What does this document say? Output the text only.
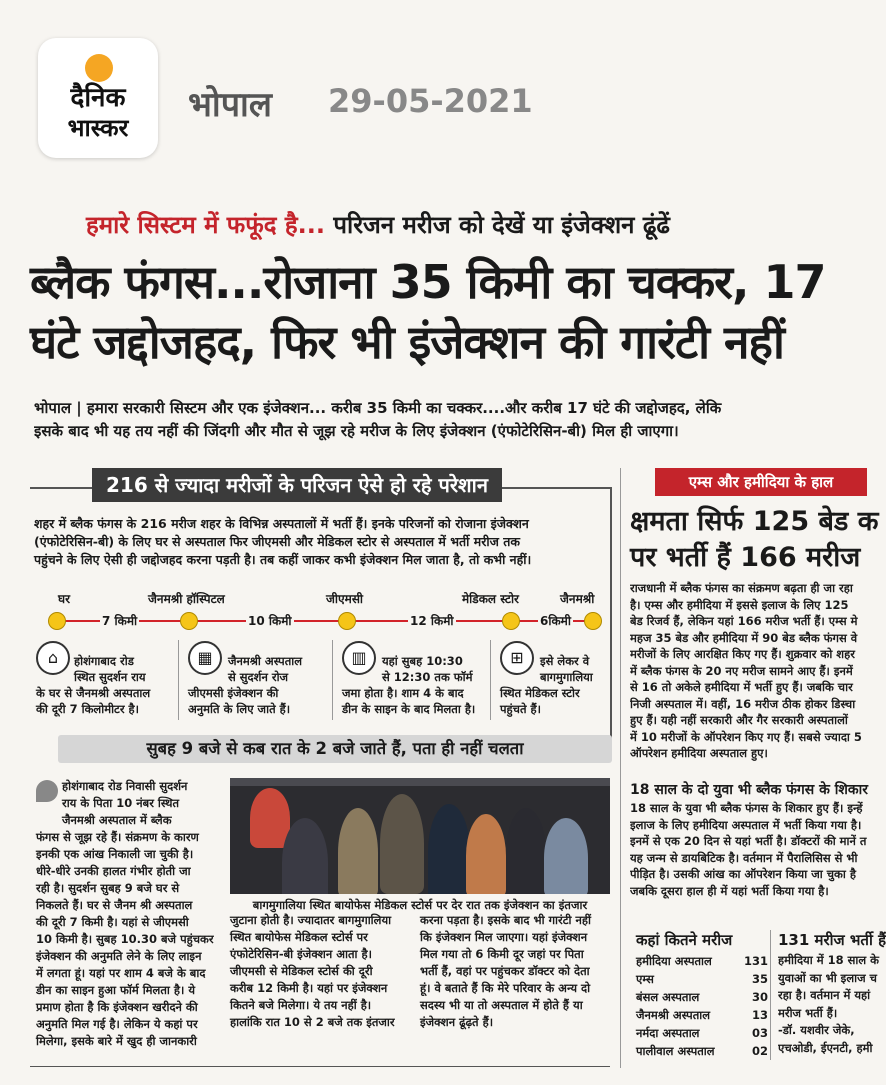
दैनिक
भास्कर
भोपाल 29-05-2021
हमारे सिस्टम में फफूंद है... परिजन मरीज को देखें या इंजेक्शन ढूंढें
ब्लैक फंगस...रोजाना 35 किमी का चक्कर, 17
घंटे जद्दोजहद, फिर भी इंजेक्शन की गारंटी नहीं
भोपाल | हमारा सरकारी सिस्टम और एक इंजेक्शन... करीब 35 किमी का चक्कर....और करीब 17 घंटे की जद्दोजहद, लेकि
इसके बाद भी यह तय नहीं की जिंदगी और मौत से जूझ रहे मरीज के लिए इंजेक्शन (एंफोटेरिसिन-बी) मिल ही जाएगा।
216 से ज्यादा मरीजों के परिजन ऐसे हो रहे परेशान
शहर में ब्लैक फंगस के 216 मरीज शहर के विभिन्न अस्पतालों में भर्ती हैं। इनके परिजनों को रोजाना इंजेक्शन
(एंफोटेरिसिन-बी) के लिए घर से अस्पताल फिर जीएमसी और मेडिकल स्टोर से अस्पताल में भर्ती मरीज तक
पहुंचने के लिए ऐसी ही जद्दोजहद करना पड़ती है। तब कहीं जाकर कभी इंजेक्शन मिल जाता है, तो कभी नहीं।
घर	जैनमश्री हॉस्पिटल	जीएमसी	मेडिकल स्टोर	जैनमश्री
7 किमी	10 किमी	12 किमी	6किमी
⌂	होशंगाबाद रोड
स्थित सुदर्शन राय
के घर से जैनमश्री अस्पताल
की दूरी 7 किलोमीटर है।
▦	जैनमश्री अस्पताल
से सुदर्शन रोज
जीएमसी इंजेक्शन की
अनुमति के लिए जाते हैं।
▥	यहां सुबह 10:30
से 12:30 तक फॉर्म
जमा होता है। शाम 4 के बाद
डीन के साइन के बाद मिलता है।
⊞	इसे लेकर वे
बागमुगालिया
स्थित मेडिकल स्टोर
पहुंचते हैं।
सुबह 9 बजे से कब रात के 2 बजे जाते हैं, पता ही नहीं चलता
होशंगाबाद रोड निवासी सुदर्शन
राय के पिता 10 नंबर स्थित
जैनमश्री अस्पताल में ब्लैक
फंगस से जूझ रहे हैं। संक्रमण के कारण
इनकी एक आंख निकाली जा चुकी है।
धीरे-धीरे उनकी हालत गंभीर होती जा
रही है। सुदर्शन सुबह 9 बजे घर से
निकलते हैं। घर से जैनम श्री अस्पताल
की दूरी 7 किमी है। यहां से जीएमसी
10 किमी है। सुबह 10.30 बजे पहुंचकर
इंजेक्शन की अनुमति लेने के लिए लाइन
में लगता हूं। यहां पर शाम 4 बजे के बाद
डीन का साइन हुआ फॉर्म मिलता है। ये
प्रमाण होता है कि इंजेक्शन खरीदने की
अनुमति मिल गई है। लेकिन ये कहां पर
मिलेगा, इसके बारे में खुद ही जानकारी
बागमुगालिया स्थित बायोफेस मेडिकल स्टोर्स पर देर रात तक इंजेक्शन का इंतजार
जुटाना होती है। ज्यादातर बागमुगालिया
स्थित बायोफेस मेडिकल स्टोर्स पर
एंफोटेरिसिन-बी इंजेक्शन आता है।
जीएमसी से मेडिकल स्टोर्स की दूरी
करीब 12 किमी है। यहां पर इंजेक्शन
कितने बजे मिलेगा। ये तय नहीं है।
हालांकि रात 10 से 2 बजे तक इंतजार
करना पड़ता है। इसके बाद भी गारंटी नहीं
कि इंजेक्शन मिल जाएगा। यहां इंजेक्शन
मिल गया तो 6 किमी दूर जहां पर पिता
भर्ती हैं, वहां पर पहुंचकर डॉक्टर को देता
हूं। वे बताते हैं कि मेरे परिवार के अन्य दो
सदस्य भी या तो अस्पताल में होते हैं या
इंजेक्शन ढूंढ़ते हैं।
एम्स और हमीदिया के हाल
क्षमता सिर्फ 125 बेड क
पर भर्ती हैं 166 मरीज
राजधानी में ब्लैक फंगस का संक्रमण बढ़ता ही जा रहा
है। एम्स और हमीदिया में इससे इलाज के लिए 125
बेड रिजर्व हैं, लेकिन यहां 166 मरीज भर्ती हैं। एम्स मे
महज 35 बेड और हमीदिया में 90 बेड ब्लैक फंगस वे
मरीजों के लिए आरक्षित किए गए हैं। शुक्रवार को शहर
में ब्लैक फंगस के 20 नए मरीज सामने आए हैं। इनमें
से 16 तो अकेले हमीदिया में भर्ती हुए हैं। जबकि चार
निजी अस्पताल में। वहीं, 16 मरीज ठीक होकर डिस्चा
हुए हैं। यही नहीं सरकारी और गैर सरकारी अस्पतालों
में 10 मरीजों के ऑपरेशन किए गए हैं। सबसे ज्यादा 5
ऑपरेशन हमीदिया अस्पताल हुए।
18 साल के दो युवा भी ब्लैक फंगस के शिकार
18 साल के युवा भी ब्लैक फंगस के शिकार हुए हैं। इन्हें
इलाज के लिए हमीदिया अस्पताल में भर्ती किया गया है।
इनमें से एक 20 दिन से यहां भर्ती है। डॉक्टरों की मानें त
यह जन्म से डायबिटिक है। वर्तमान में पैरालिसिस से भी
पीड़ित है। उसकी आंख का ऑपरेशन किया जा चुका है
जबकि दूसरा हाल ही में यहां भर्ती किया गया है।
कहां कितने मरीज
हमीदिया अस्पताल	131
एम्स	35
बंसल अस्पताल	30
जैनमश्री अस्पताल	13
नर्मदा अस्पताल	03
पालीवाल अस्पताल	02
131 मरीज भर्ती हैं
हमीदिया में 18 साल के
युवाओं का भी इलाज च
रहा है। वर्तमान में यहां
मरीज भर्ती हैं।
-डॉ. यशवीर जेके,
एचओडी, ईएनटी, हमी
